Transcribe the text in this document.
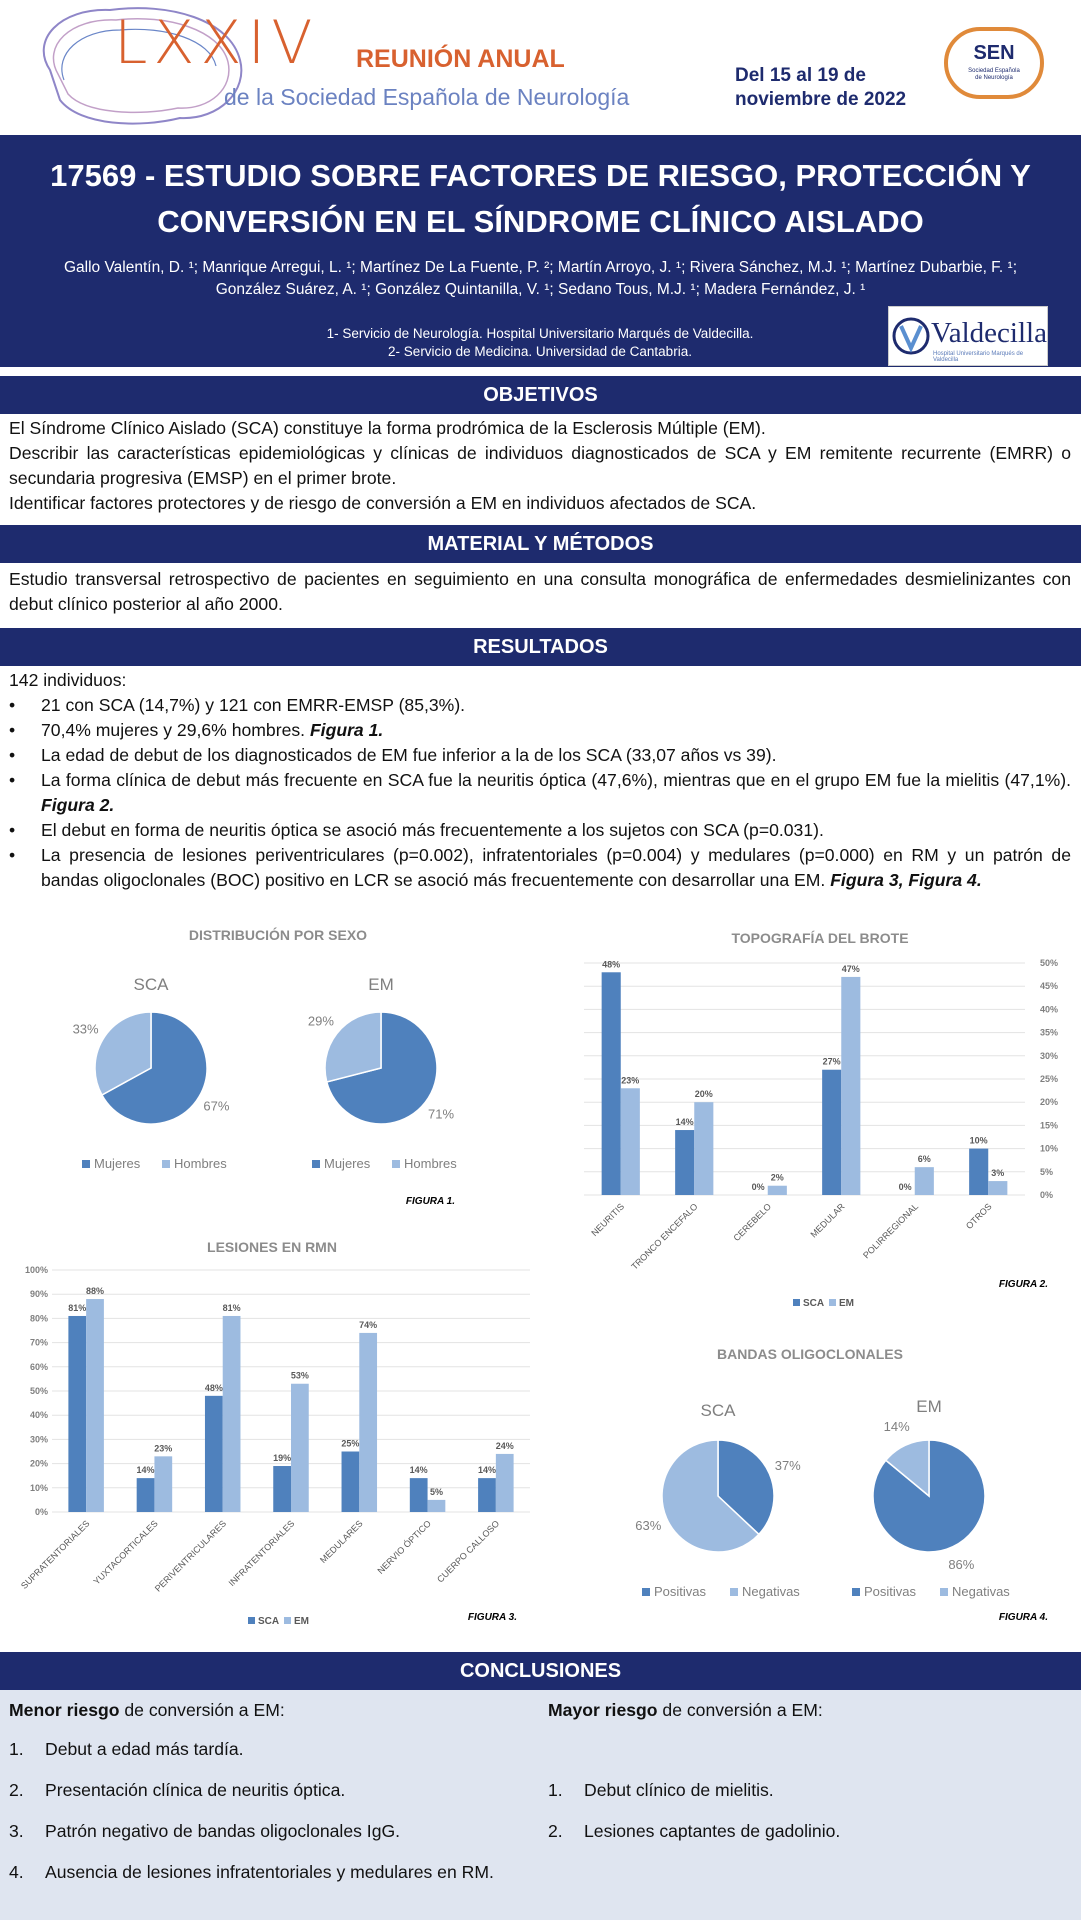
LXXIV REUNIÓN ANUAL
de la Sociedad Española de Neurología
Del 15 al 19 de
noviembre de 2022
SEN
Sociedad Española
de Neurología
17569 - ESTUDIO SOBRE FACTORES DE RIESGO, PROTECCIÓN Y
CONVERSIÓN EN EL SÍNDROME CLÍNICO AISLADO
Gallo Valentín, D. ¹; Manrique Arregui, L. ¹; Martínez De La Fuente, P. ²; Martín Arroyo, J. ¹; Rivera Sánchez, M.J. ¹; Martínez Dubarbie, F. ¹;
González Suárez, A. ¹; González Quintanilla, V. ¹; Sedano Tous, M.J. ¹; Madera Fernández, J. ¹
1- Servicio de Neurología. Hospital Universitario Marqués de Valdecilla.
2- Servicio de Medicina. Universidad de Cantabria.
Valdecilla
Hospital Universitario Marqués de Valdecilla
OBJETIVOS

El Síndrome Clínico Aislado (SCA) constituye la forma prodrómica de la Esclerosis Múltiple (EM).

Describir las características epidemiológicas y clínicas de individuos diagnosticados de SCA y EM remitente recurrente (EMRR) o secundaria progresiva (EMSP) en el primer brote.

Identificar factores protectores y de riesgo de conversión a EM en individuos afectados de SCA.

MATERIAL Y MÉTODOS

Estudio transversal retrospectivo de pacientes en seguimiento en una consulta monográfica de enfermedades desmielinizantes con debut clínico posterior al año 2000.

RESULTADOS
142 individuos:
• 21 con SCA (14,7%) y 121 con EMRR-EMSP (85,3%).
• 70,4% mujeres y 29,6% hombres. Figura 1.
• La edad de debut de los diagnosticados de EM fue inferior a la de los SCA (33,07 años vs 39).
• La forma clínica de debut más frecuente en SCA fue la neuritis óptica (47,6%), mientras que en el grupo EM fue la mielitis (47,1%). Figura 2.
• El debut en forma de neuritis óptica se asoció más frecuentemente a los sujetos con SCA (p=0.031).
• La presencia de lesiones periventriculares (p=0.002), infratentoriales (p=0.004) y medulares (p=0.000) en RM y un patrón de bandas oligoclonales (BOC) positivo en LCR se asoció más frecuentemente con desarrollar una EM. Figura 3, Figura 4.
DISTRIBUCIÓN POR SEXO
SCA
67%
33%
Mujeres	Hombres
EM
71%
29%
Mujeres	Hombres
FIGURA 1.
TOPOGRAFÍA DEL BROTE
0%
5%
10%
15%
20%
25%
30%
35%
40%
45%
50%
48%
23%
NEURITIS
14%
20%
TRONCO ENCEFALO
0%
2%
CEREBELO
27%
47%
MEDULAR
0%
6%
POLIRREGIONAL
10%
3%
OTROS
SCA EM
FIGURA 2.
LESIONES EN RMN
0%
10%
20%
30%
40%
50%
60%
70%
80%
90%
100%
81%
88%
SUPRATENTORIALES
14%
23%
YUXTACORTICALES
48%
81%
PERIVENTRICULARES
19%
53%
INFRATENTORIALES
25%
74%
MEDULARES
14%
5%
NERVIO ÓPTICO
14%
24%
CUERPO CALLOSO
SCA EM	FIGURA 3.
BANDAS OLIGOCLONALES
SCA
37%
63%
Positivas	Negativas
EM
86%
14%
Positivas	Negativas
FIGURA 4.
CONCLUSIONES
Menor riesgo de conversión a EM:
1. Debut a edad más tardía.
2. Presentación clínica de neuritis óptica.
3. Patrón negativo de bandas oligoclonales IgG.
4. Ausencia de lesiones infratentoriales y medulares en RM.
Mayor riesgo de conversión a EM:
1. Debut clínico de mielitis.
2. Lesiones captantes de gadolinio.
